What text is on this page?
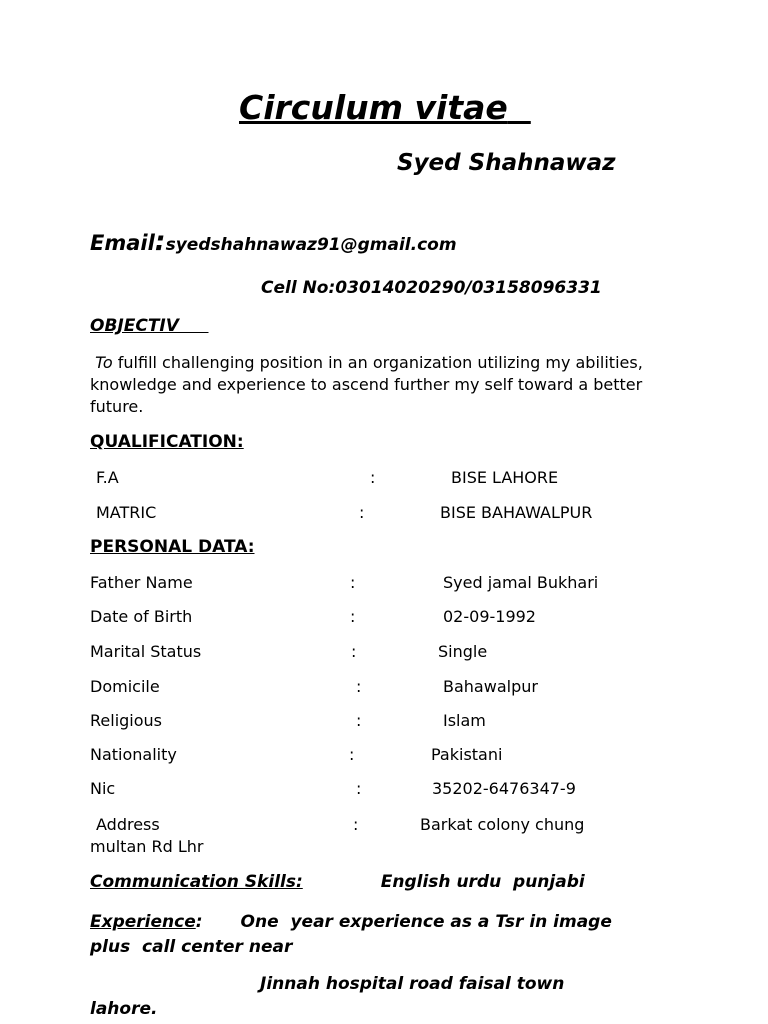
Circulum vitae
Syed Shahnawaz
Email:syedshahnawaz91@gmail.com
Cell No:03014020290/03158096331
OBJECTIV
To fulfill challenging position in an organization utilizing my abilities, knowledge and experience to ascend further my self toward a better future.
QUALIFICATION:
F.A	:	BISE LAHORE
MATRIC	:	BISE BAHAWALPUR
PERSONAL DATA:
Father Name	:	Syed jamal Bukhari
Date of Birth	:	02-09-1992
Marital Status	:	Single
Domicile	:	Bahawalpur
Religious	:	Islam
Nationality	:	Pakistani
Nic	:	35202-6476347-9
Address	:	Barkat colony chung
multan Rd Lhr
Communication Skills:	English urdu  punjabi
Experience: One  year experience as a Tsr in image
plus  call center near
Jinnah hospital road faisal town
lahore.
